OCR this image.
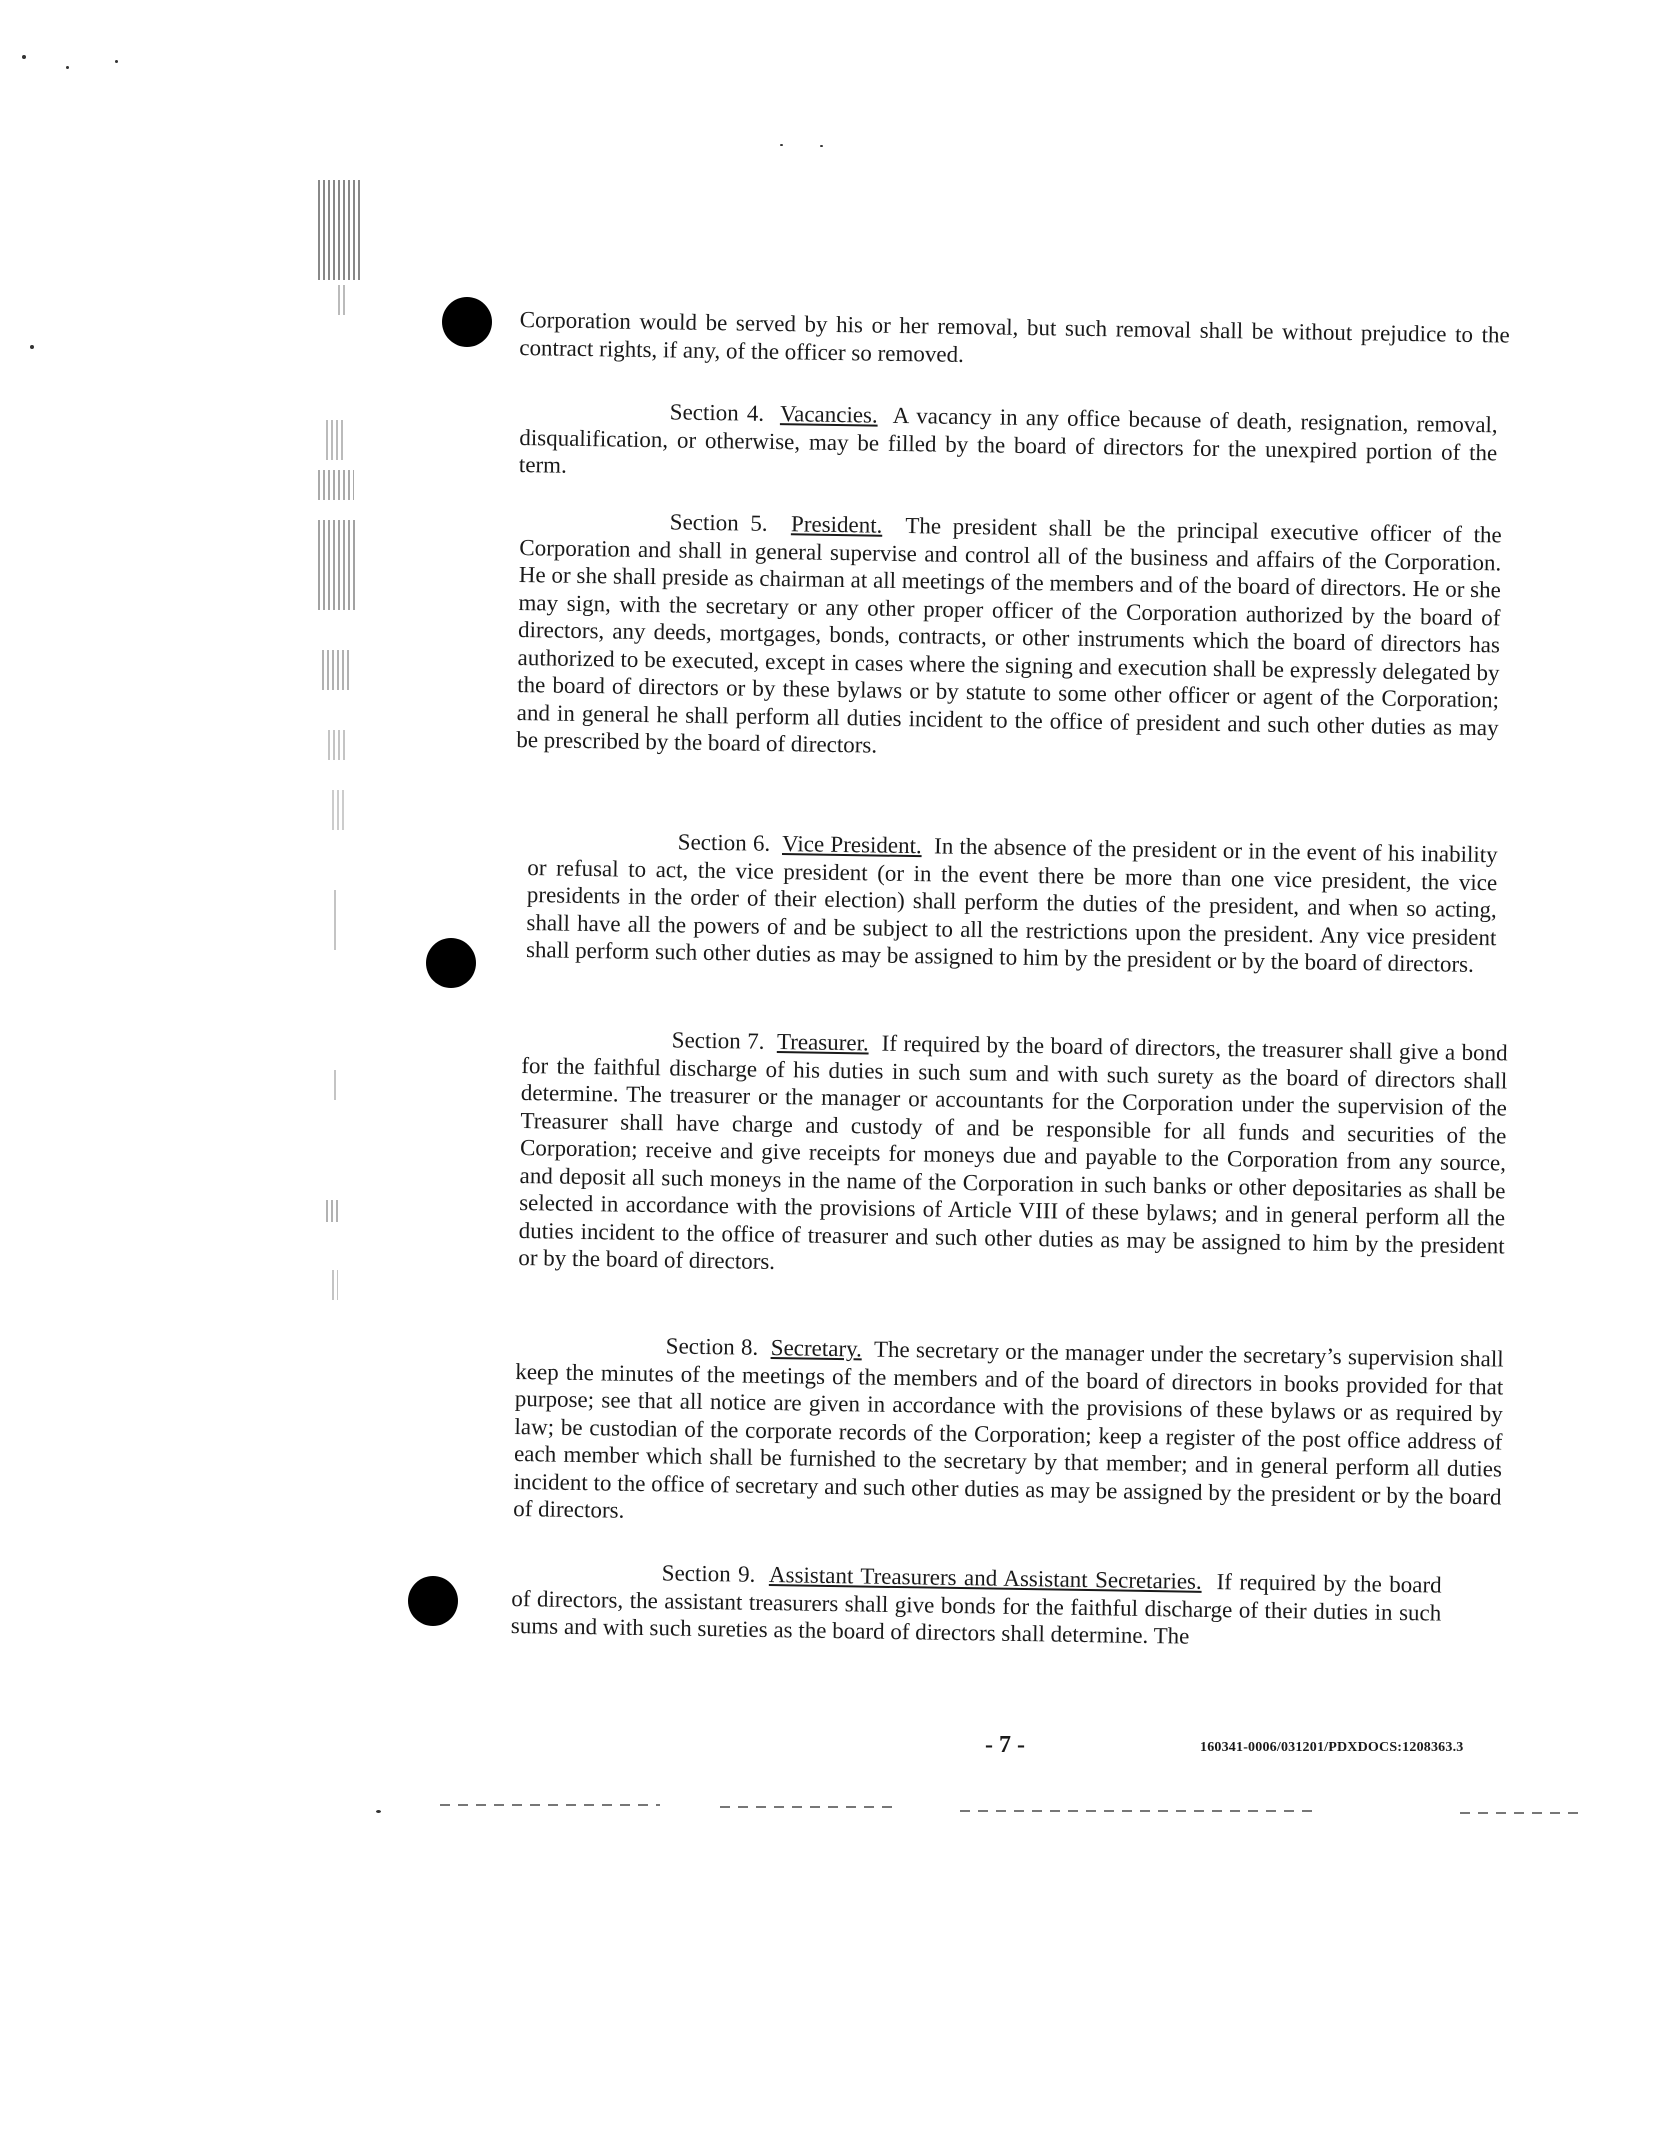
Corporation would be served by his or her removal, but such removal shall be without prejudice to the contract rights, if any, of the officer so removed.

Section 4. Vacancies. A vacancy in any office because of death, resignation, removal, disqualification, or otherwise, may be filled by the board of directors for the unexpired portion of the term.

Section 5. President. The president shall be the principal executive officer of the Corporation and shall in general supervise and control all of the business and affairs of the Corporation. He or she shall preside as chairman at all meetings of the members and of the board of directors. He or she may sign, with the secretary or any other proper officer of the Corporation authorized by the board of directors, any deeds, mortgages, bonds, contracts, or other instruments which the board of directors has authorized to be executed, except in cases where the signing and execution shall be expressly delegated by the board of directors or by these bylaws or by statute to some other officer or agent of the Corporation; and in general he shall perform all duties incident to the office of president and such other duties as may be prescribed by the board of directors.

Section 6. Vice President. In the absence of the president or in the event of his inability or refusal to act, the vice president (or in the event there be more than one vice president, the vice presidents in the order of their election) shall perform the duties of the president, and when so acting, shall have all the powers of and be subject to all the restrictions upon the president. Any vice president shall perform such other duties as may be assigned to him by the president or by the board of directors.

Section 7. Treasurer. If required by the board of directors, the treasurer shall give a bond for the faithful discharge of his duties in such sum and with such surety as the board of directors shall determine. The treasurer or the manager or accountants for the Corporation under the supervision of the Treasurer shall have charge and custody of and be responsible for all funds and securities of the Corporation; receive and give receipts for moneys due and payable to the Corporation from any source, and deposit all such moneys in the name of the Corporation in such banks or other depositaries as shall be selected in accordance with the provisions of Article VIII of these bylaws; and in general perform all the duties incident to the office of treasurer and such other duties as may be assigned to him by the president or by the board of directors.

Section 8. Secretary. The secretary or the manager under the secretary’s supervision shall keep the minutes of the meetings of the members and of the board of directors in books provided for that purpose; see that all notice are given in accordance with the provisions of these bylaws or as required by law; be custodian of the corporate records of the Corporation; keep a register of the post office address of each member which shall be furnished to the secretary by that member; and in general perform all duties incident to the office of secretary and such other duties as may be assigned by the president or by the board of directors.

Section 9. Assistant Treasurers and Assistant Secretaries. If required by the board of directors, the assistant treasurers shall give bonds for the faithful discharge of their duties in such sums and with such sureties as the board of directors shall determine. The

- 7 -	160341-0006/031201/PDXDOCS:1208363.3
